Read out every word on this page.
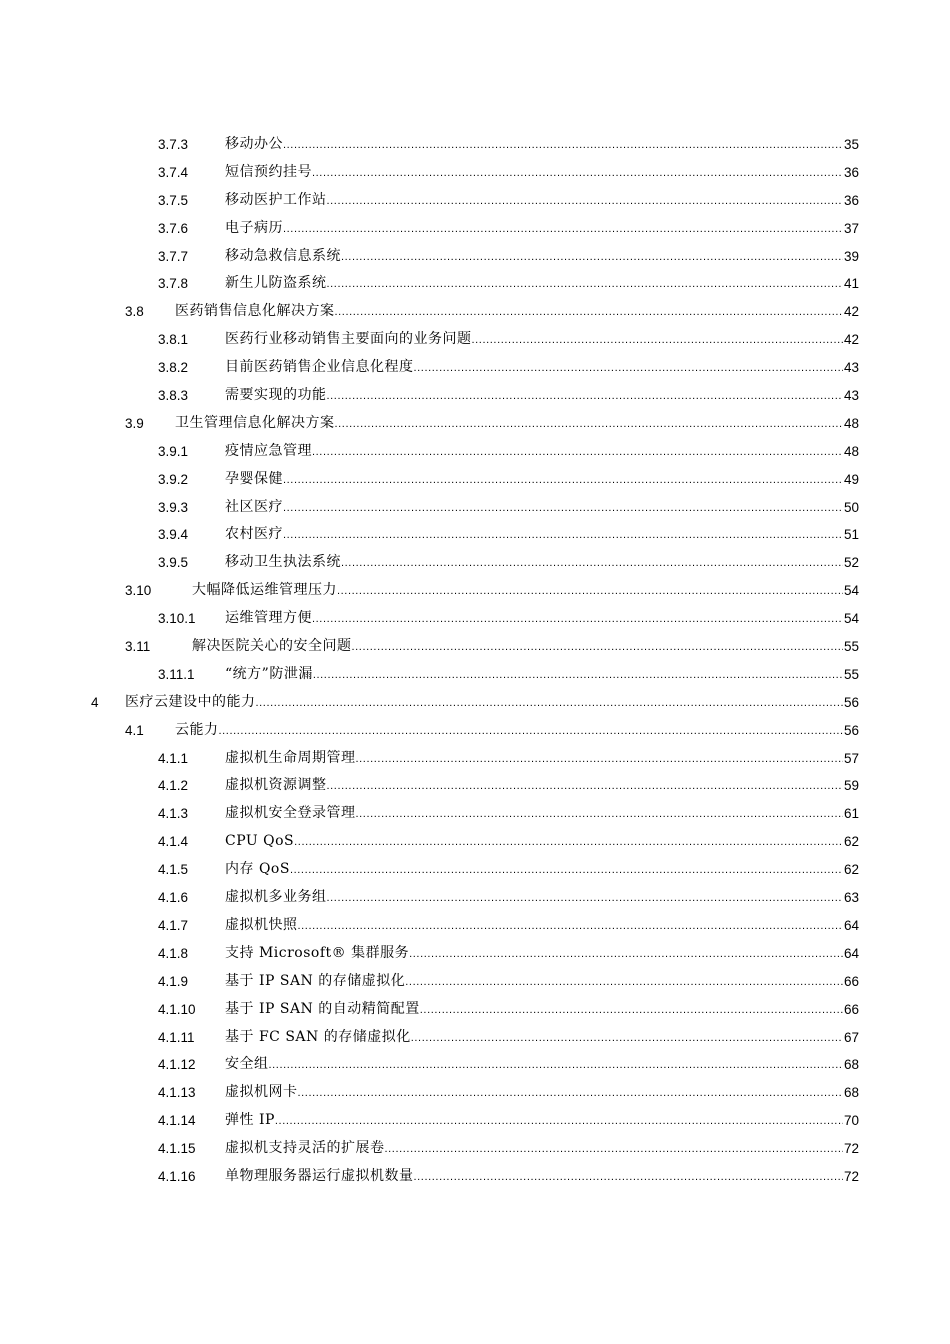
3.7.3	移动办公 .....	35
3.7.4	短信预约挂号 .....	36
3.7.5	移动医护工作站 .....	36
3.7.6	电子病历 .....	37
3.7.7	移动急救信息系统 .....	39
3.7.8	新生儿防盗系统 .....	41
3.8 医药销售信息化解决方案 .....	42
3.8.1	医药行业移动销售主要面向的业务问题 .....	42
3.8.2	目前医药销售企业信息化程度 .....	43
3.8.3	需要实现的功能 .....	43
3.9 卫生管理信息化解决方案 .....	48
3.9.1	疫情应急管理 .....	48
3.9.2	孕婴保健 .....	49
3.9.3	社区医疗 .....	50
3.9.4	农村医疗 .....	51
3.9.5	移动卫生执法系统 .....	52
3.10	大幅降低运维管理压力 .....	54
3.10.1 运维管理方便 .....	54
3.11	解决医院关心的安全问题 .....	55
3.11.1 “统方”防泄漏 .....	55
4 医疗云建设中的能力 .....	56
4.1 云能力 .....	56
4.1.1	虚拟机生命周期管理 .....	57
4.1.2	虚拟机资源调整 .....	59
4.1.3	虚拟机安全登录管理 .....	61
4.1.4	CPU QoS .....	62
4.1.5	内存 QoS .....	62
4.1.6	虚拟机多业务组 .....	63
4.1.7	虚拟机快照 .....	64
4.1.8	支持 Microsoft® 集群服务 .....	64
4.1.9	基于 IP SAN 的存储虚拟化 .....	66
4.1.10 基于 IP SAN 的自动精简配置 .....	66
4.1.11 基于 FC SAN 的存储虚拟化 .....	67
4.1.12 安全组 .....	68
4.1.13 虚拟机网卡 .....	68
4.1.14 弹性 IP .....	70
4.1.15 虚拟机支持灵活的扩展卷 .....	72
4.1.16 单物理服务器运行虚拟机数量 .....	72
